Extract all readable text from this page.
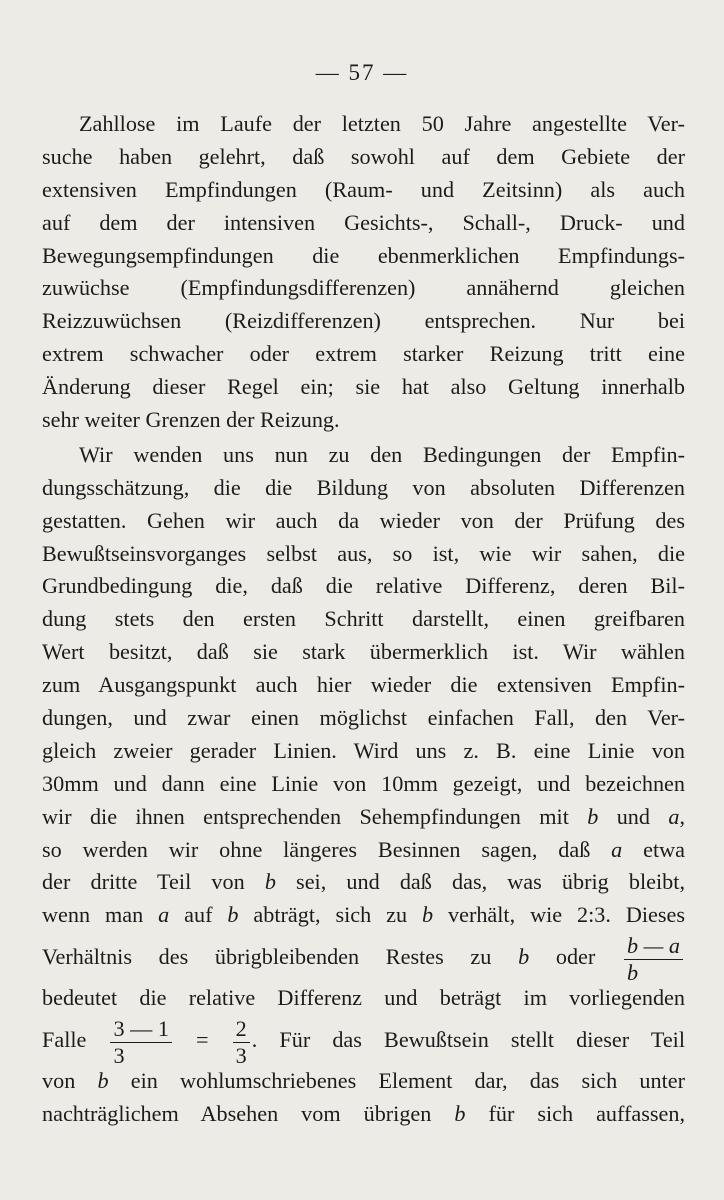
— 57 —
Zahllose im Laufe der letzten 50 Jahre angestellte Ver-
suche haben gelehrt, daß sowohl auf dem Gebiete der
extensiven Empfindungen (Raum- und Zeitsinn) als auch
auf dem der intensiven Gesichts-, Schall-, Druck- und
Bewegungsempfindungen die ebenmerklichen Empfindungs-
zuwüchse (Empfindungsdifferenzen) annähernd gleichen
Reizzuwüchsen (Reizdifferenzen) entsprechen. Nur bei
extrem schwacher oder extrem starker Reizung tritt eine
Änderung dieser Regel ein; sie hat also Geltung innerhalb
sehr weiter Grenzen der Reizung.
Wir wenden uns nun zu den Bedingungen der Empfin-
dungsschätzung, die die Bildung von absoluten Differenzen
gestatten. Gehen wir auch da wieder von der Prüfung des
Bewußtseinsvorganges selbst aus, so ist, wie wir sahen, die
Grundbedingung die, daß die relative Differenz, deren Bil-
dung stets den ersten Schritt darstellt, einen greifbaren
Wert besitzt, daß sie stark übermerklich ist. Wir wählen
zum Ausgangspunkt auch hier wieder die extensiven Empfin-
dungen, und zwar einen möglichst einfachen Fall, den Ver-
gleich zweier gerader Linien. Wird uns z. B. eine Linie von
30mm und dann eine Linie von 10mm gezeigt, und bezeichnen
wir die ihnen entsprechenden Sehempfindungen mit b und a,
so werden wir ohne längeres Besinnen sagen, daß a etwa
der dritte Teil von b sei, und daß das, was übrig bleibt,
wenn man a auf b abträgt, sich zu b verhält, wie 2:3. Dieses
Verhältnis des übrigbleibenden Restes zu b oder $\frac{b — a}{b}$
bedeutet die relative Differenz und beträgt im vorliegenden
Falle $\frac{3 — 1}{3} = \frac{2}{3}$ . Für das Bewußtsein stellt dieser Teil
von b ein wohlumschriebenes Element dar, das sich unter
nachträglichem Absehen vom übrigen b für sich auffassen,
